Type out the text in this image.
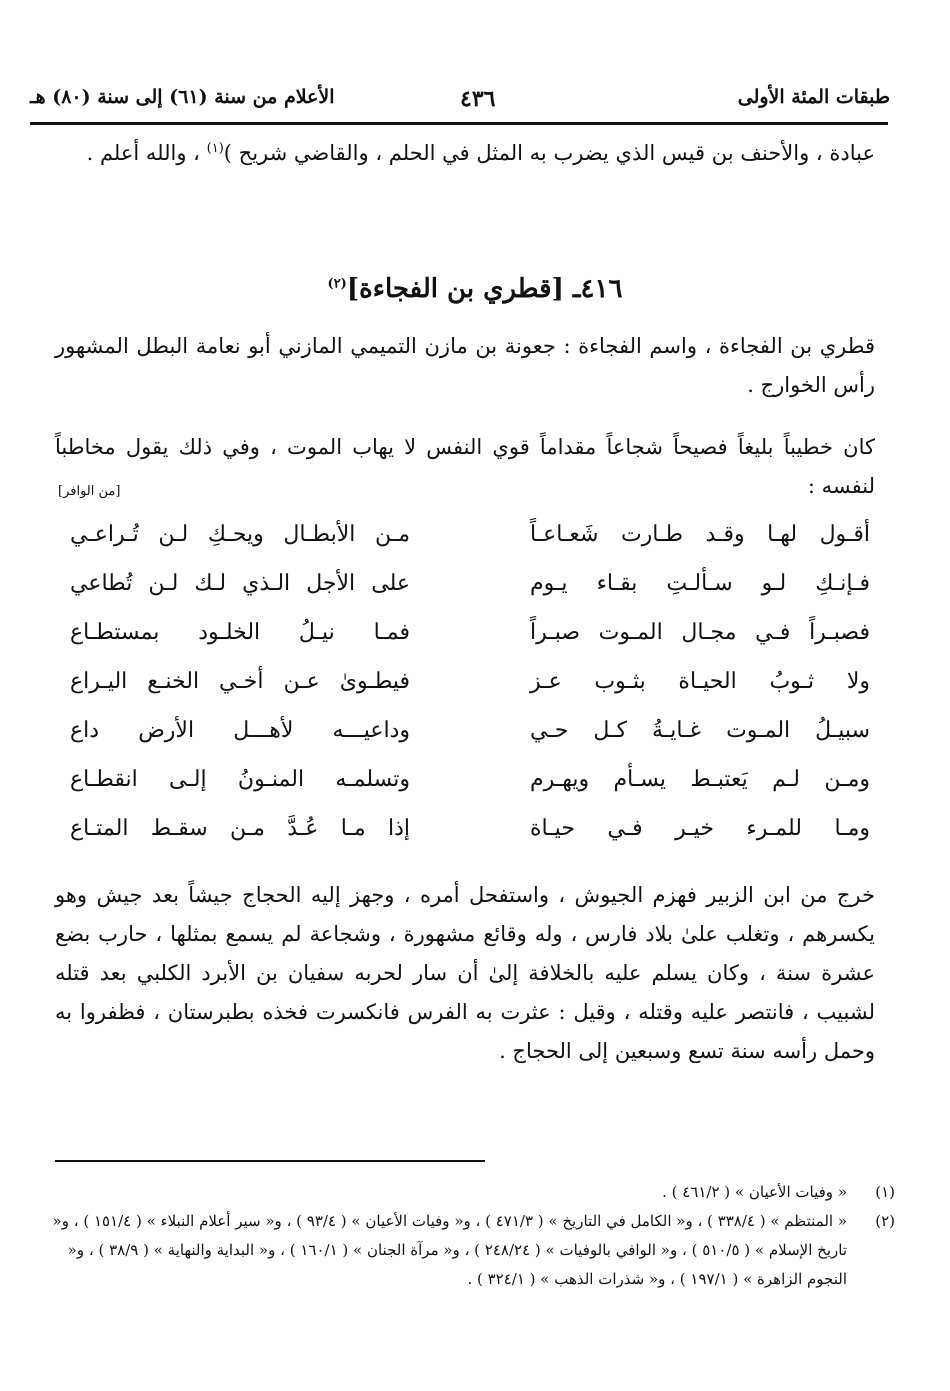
طبقات المئة الأولى
٤٣٦
الأعلام من سنة (٦١) إلى سنة (٨٠) هـ

عبادة ، والأحنف بن قيس الذي يضرب به المثل في الحلم ، والقاضي شريح )$^{(١)}$ ، والله أعلم .

٤١٦ـ [قطري بن الفجاءة]$^{(٢)}$

قطري بن الفجاءة ، واسم الفجاءة : جعونة بن مازن التميمي المازني أبو نعامة البطل المشهور رأس الخوارج .

كان خطيباً بليغاً فصيحاً شجاعاً مقداماً قوي النفس لا يهاب الموت ، وفي ذلك يقول مخاطباً لنفسه :

[من الوافر]
أقـول لهـا وقـد طـارت شَعـاعـاً
مـن الأبطـال ويحـكِ لـن تُـراعـي
فـإنـكِ لـو سـألـتِ بقـاء يـوم
على الأجل الـذي لـك لـن تُطاعي
فصبـراً فـي مجـال المـوت صبـراً
فمـا نيـلُ الخلـود بمستطـاع
ولا ثـوبُ الحيـاة بثـوب عـز
فيطـوىٰ عـن أخـي الخنـع اليـراع
سبيـلُ المـوت غـايـةُ كـل حـي
وداعيـــه لأهـــل الأرض داع
ومـن لـم يَعتبـط يسـأم ويهـرم
وتسلمـه المنـونُ إلـى انقطـاع
ومـا للمـرء خيـر فـي حيـاة
إذا مـا عُـدَّ مـن سقـط المتـاع

خرج من ابن الزبير فهزم الجيوش ، واستفحل أمره ، وجهز إليه الحجاج جيشاً بعد جيش وهو يكسرهم ، وتغلب علىٰ بلاد فارس ، وله وقائع مشهورة ، وشجاعة لم يسمع بمثلها ، حارب بضع عشرة سنة ، وكان يسلم عليه بالخلافة إلىٰ أن سار لحربه سفيان بن الأبرد الكلبي بعد قتله لشبيب ، فانتصر عليه وقتله ، وقيل : عثرت به الفرس فانكسرت فخذه بطبرستان ، فظفروا به وحمل رأسه سنة تسع وسبعين إلى الحجاج .

(١)
« وفيات الأعيان » ( ٤٦١/٢ ) .
(٢)
« المنتظم » ( ٣٣٨/٤ ) ، و« الكامل في التاريخ » ( ٤٧١/٣ ) ، و« وفيات الأعيان » ( ٩٣/٤ ) ، و« سير أعلام النبلاء » ( ١٥١/٤ ) ، و« تاريخ الإسلام » ( ٥١٠/٥ ) ، و« الوافي بالوفيات » ( ٢٤٨/٢٤ ) ، و« مرآة الجنان » ( ١٦٠/١ ) ، و« البداية والنهاية » ( ٣٨/٩ ) ، و« النجوم الزاهرة » ( ١٩٧/١ ) ، و« شذرات الذهب » ( ٣٢٤/١ ) .
